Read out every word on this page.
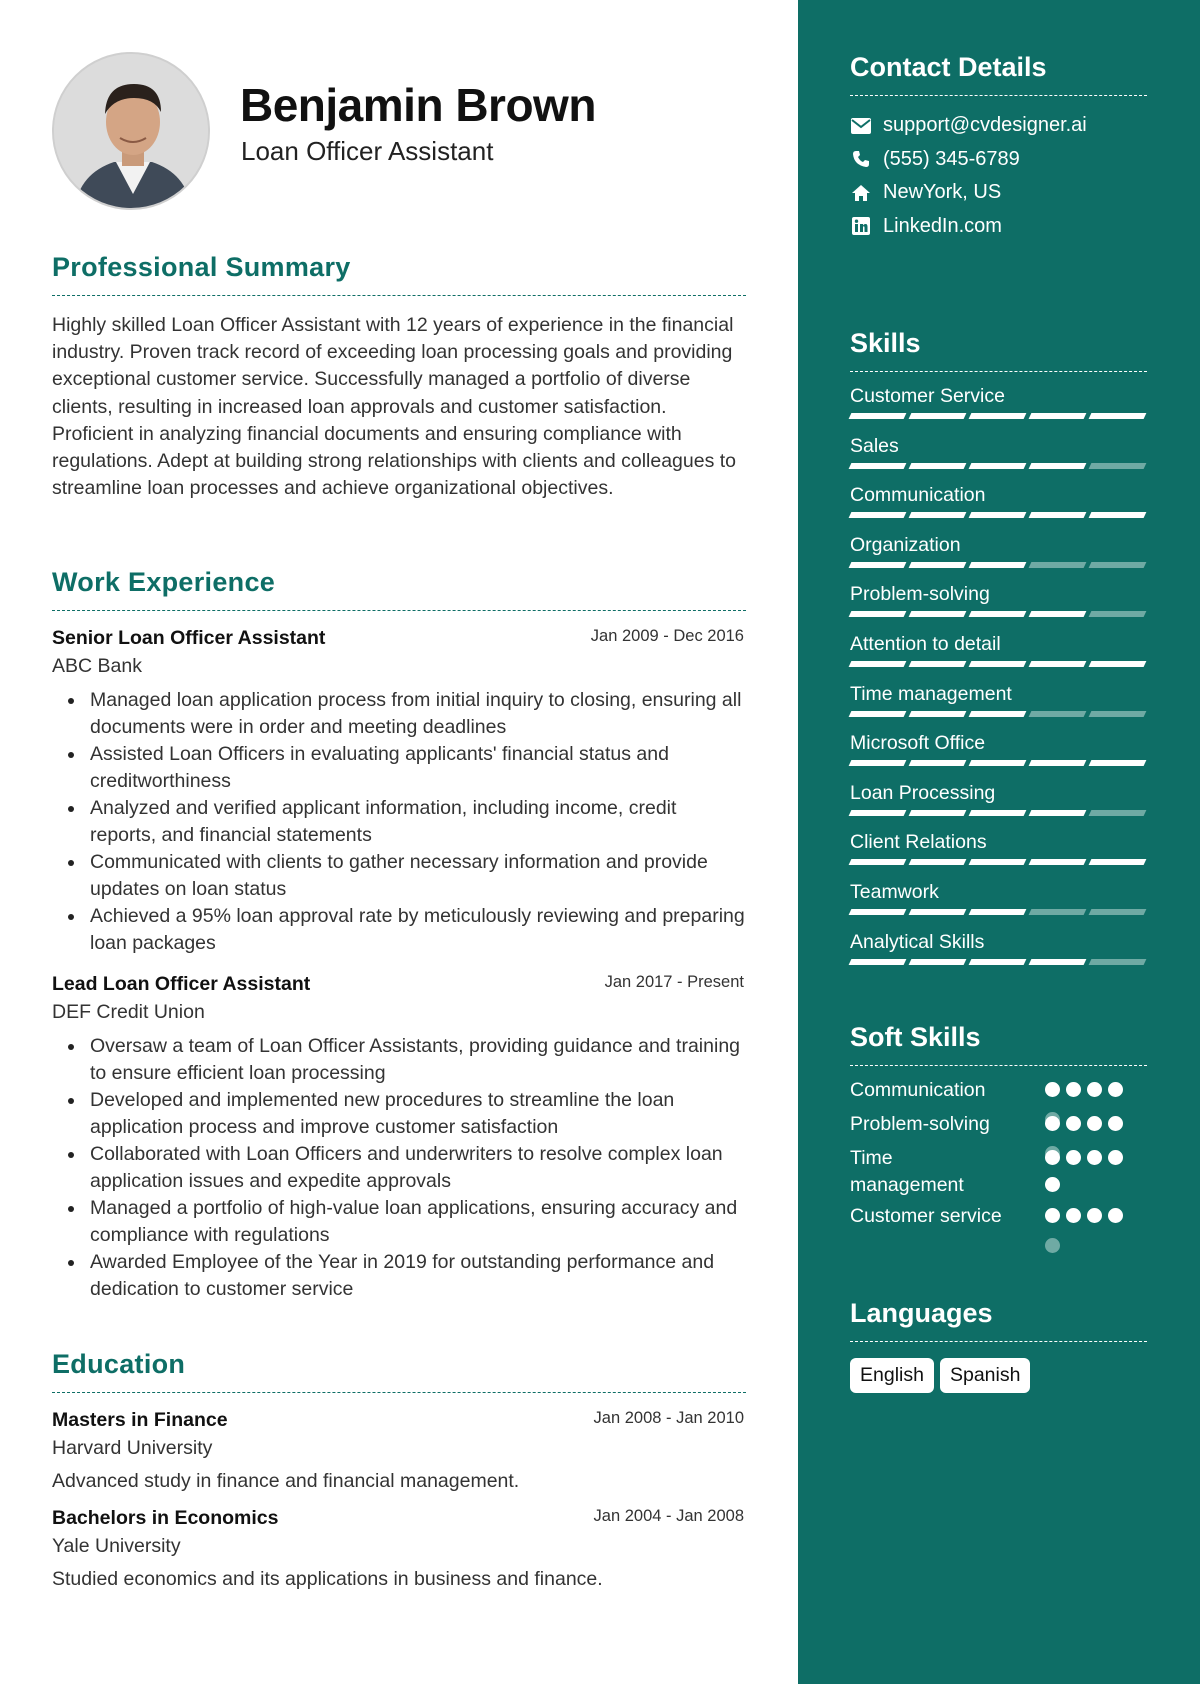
Benjamin Brown
Loan Officer Assistant
Professional Summary
Highly skilled Loan Officer Assistant with 12 years of experience in the financial industry. Proven track record of exceeding loan processing goals and providing exceptional customer service. Successfully managed a portfolio of diverse clients, resulting in increased loan approvals and customer satisfaction. Proficient in analyzing financial documents and ensuring compliance with regulations. Adept at building strong relationships with clients and colleagues to streamline loan processes and achieve organizational objectives.
Work Experience
Senior Loan Officer Assistant	Jan 2009 - Dec 2016
ABC Bank
Managed loan application process from initial inquiry to closing, ensuring all documents were in order and meeting deadlines
Assisted Loan Officers in evaluating applicants' financial status and creditworthiness
Analyzed and verified applicant information, including income, credit reports, and financial statements
Communicated with clients to gather necessary information and provide updates on loan status
Achieved a 95% loan approval rate by meticulously reviewing and preparing loan packages
Lead Loan Officer Assistant	Jan 2017 - Present
DEF Credit Union
Oversaw a team of Loan Officer Assistants, providing guidance and training to ensure efficient loan processing
Developed and implemented new procedures to streamline the loan application process and improve customer satisfaction
Collaborated with Loan Officers and underwriters to resolve complex loan application issues and expedite approvals
Managed a portfolio of high-value loan applications, ensuring accuracy and compliance with regulations
Awarded Employee of the Year in 2019 for outstanding performance and dedication to customer service
Education
Masters in Finance	Jan 2008 - Jan 2010
Harvard University
Advanced study in finance and financial management.
Bachelors in Economics	Jan 2004 - Jan 2008
Yale University
Studied economics and its applications in business and finance.
Contact Details
support@cvdesigner.ai
(555) 345-6789
NewYork, US
LinkedIn.com
Skills
Customer Service
Sales
Communication
Organization
Problem-solving
Attention to detail
Time management
Microsoft Office
Loan Processing
Client Relations
Teamwork
Analytical Skills
Soft Skills
Communication
Problem-solving
Time management
Customer service
Languages
English	Spanish
